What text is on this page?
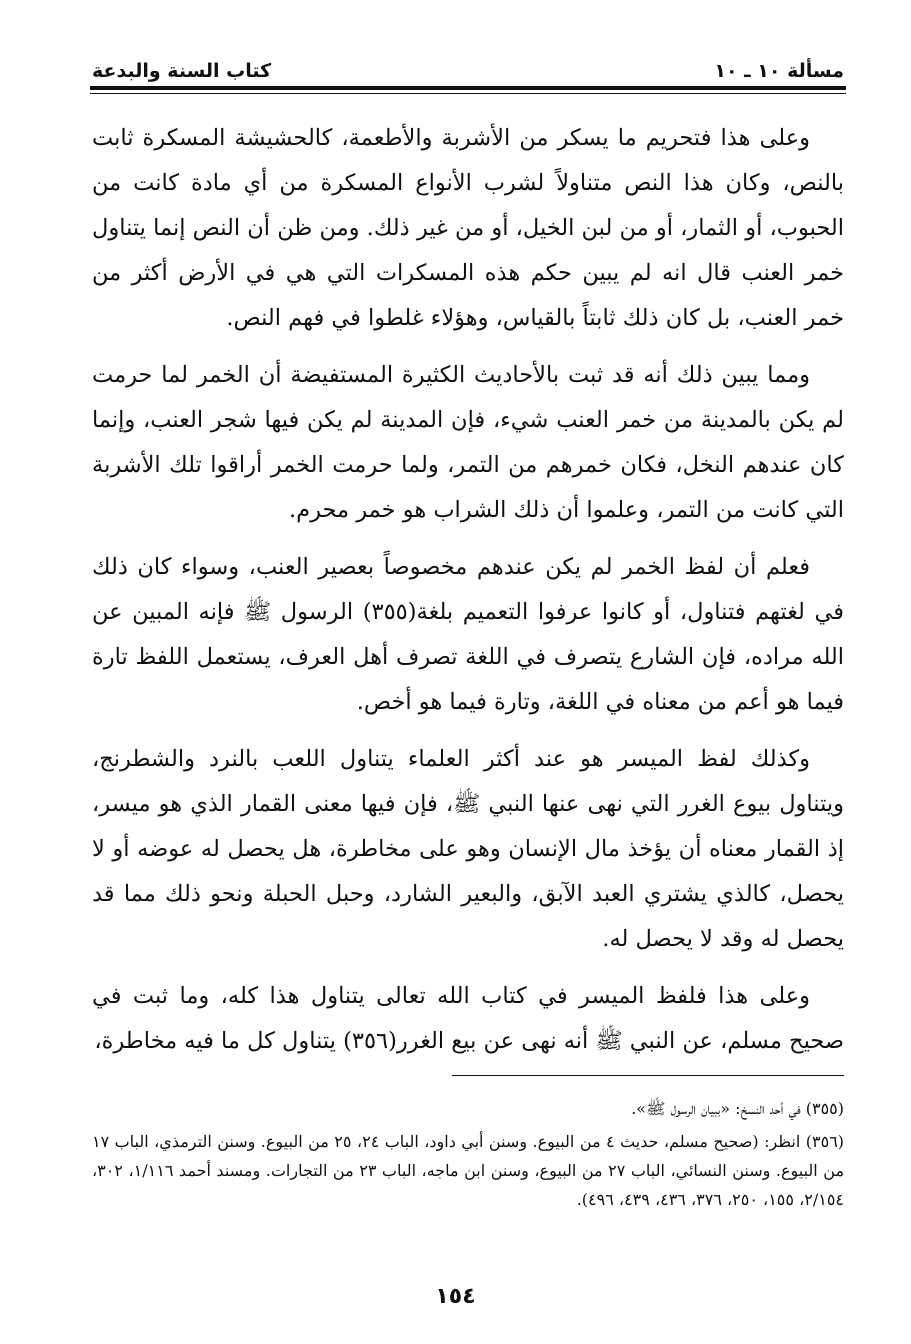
مسألة ١٠ ـ ١٠
كتاب السنة والبدعة

وعلى هذا فتحريم ما يسكر من الأشربة والأطعمة، كالحشيشة المسكرة ثابت بالنص، وكان هذا النص متناولاً لشرب الأنواع المسكرة من أي مادة كانت من الحبوب، أو الثمار، أو من لبن الخيل، أو من غير ذلك. ومن ظن أن النص إنما يتناول خمر العنب قال انه لم يبين حكم هذه المسكرات التي هي في الأرض أكثر من خمر العنب، بل كان ذلك ثابتاً بالقياس، وهؤلاء غلطوا في فهم النص.

ومما يبين ذلك أنه قد ثبت بالأحاديث الكثيرة المستفيضة أن الخمر لما حرمت لم يكن بالمدينة من خمر العنب شيء، فإن المدينة لم يكن فيها شجر العنب، وإنما كان عندهم النخل، فكان خمرهم من التمر، ولما حرمت الخمر أراقوا تلك الأشربة التي كانت من التمر، وعلموا أن ذلك الشراب هو خمر محرم.

فعلم أن لفظ الخمر لم يكن عندهم مخصوصاً بعصير العنب، وسواء كان ذلك في لغتهم فتناول، أو كانوا عرفوا التعميم بلغة(٣٥٥) الرسول ﷺ فإنه المبين عن الله مراده، فإن الشارع يتصرف في اللغة تصرف أهل العرف، يستعمل اللفظ تارة فيما هو أعم من معناه في اللغة، وتارة فيما هو أخص.

وكذلك لفظ الميسر هو عند أكثر العلماء يتناول اللعب بالنرد والشطرنج، ويتناول بيوع الغرر التي نهى عنها النبي ﷺ، فإن فيها معنى القمار الذي هو ميسر، إذ القمار معناه أن يؤخذ مال الإنسان وهو على مخاطرة، هل يحصل له عوضه أو لا يحصل، كالذي يشتري العبد الآبق، والبعير الشارد، وحبل الحبلة ونحو ذلك مما قد يحصل له وقد لا يحصل له.

وعلى هذا فلفظ الميسر في كتاب الله تعالى يتناول هذا كله، وما ثبت في صحيح مسلم، عن النبي ﷺ أنه نهى عن بيع الغرر(٣٥٦) يتناول كل ما فيه مخاطرة،

(٣٥٥) في أحد النسخ: «ببيان الرسول ﷺ».

(٣٥٦) انظر: (صحيح مسلم، حديث ٤ من البيوع. وسنن أبي داود، الباب ٢٤، ٢٥ من البيوع. وسنن الترمذي، الباب ١٧ من البيوع. وسنن النسائي، الباب ٢٧ من البيوع، وسنن ابن ماجه، الباب ٢٣ من التجارات. ومسند أحمد ١/١١٦، ٣٠٢، ٢/١٥٤، ١٥٥، ٢٥٠، ٣٧٦، ٤٣٦، ٤٣٩، ٤٩٦).

١٥٤
